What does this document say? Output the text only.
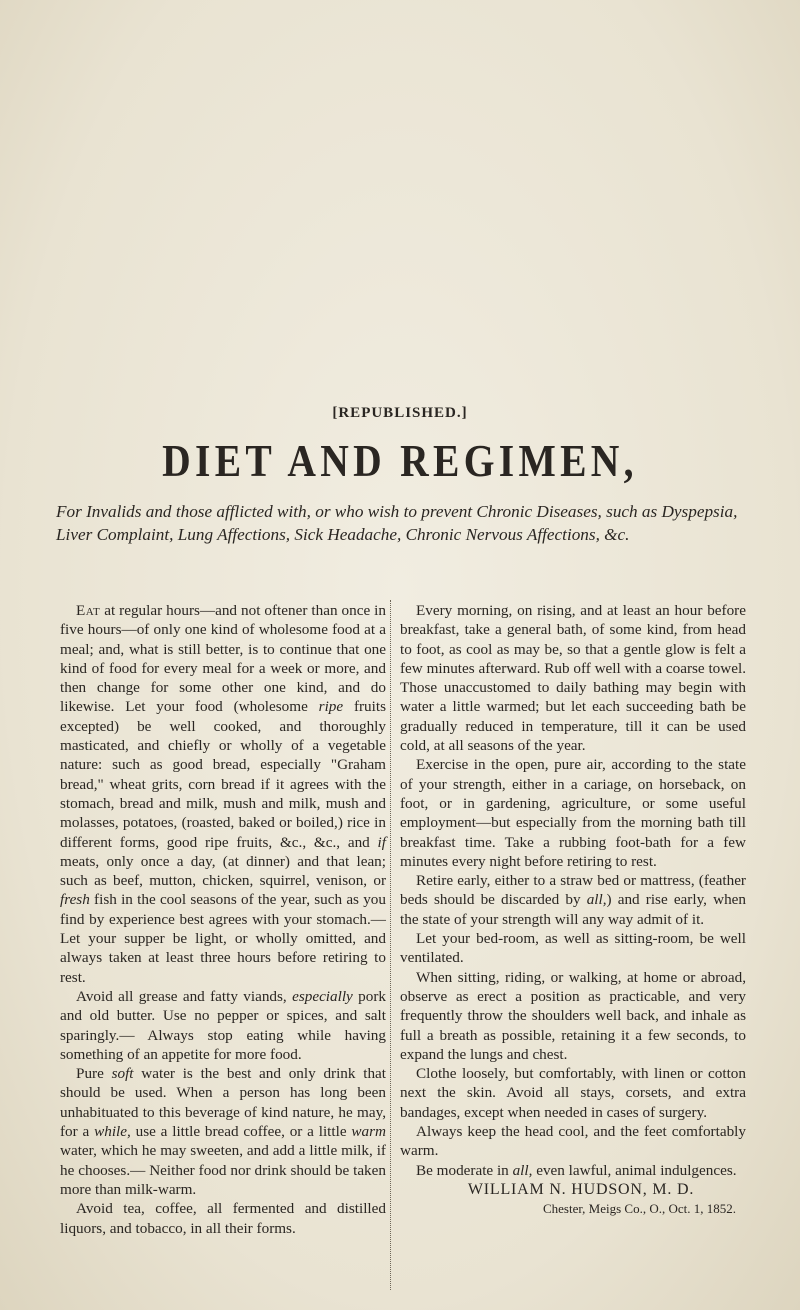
[REPUBLISHED.]
DIET AND REGIMEN,
For Invalids and those afflicted with, or who wish to prevent Chronic Diseases, such as Dyspepsia, Liver Complaint, Lung Affections, Sick Headache, Chronic Nervous Affections, &c.

Eat at regular hours—and not oftener than once in five hours—of only one kind of wholesome food at a meal; and, what is still better, is to continue that one kind of food for every meal for a week or more, and then change for some other one kind, and do likewise. Let your food (wholesome ripe fruits excepted) be well cooked, and thoroughly masticated, and chiefly or wholly of a vegetable nature: such as good bread, especially "Graham bread," wheat grits, corn bread if it agrees with the stomach, bread and milk, mush and milk, mush and molasses, potatoes, (roasted, baked or boiled,) rice in different forms, good ripe fruits, &c., &c., and if meats, only once a day, (at dinner) and that lean; such as beef, mutton, chicken, squirrel, venison, or fresh fish in the cool seasons of the year, such as you find by experience best agrees with your stomach.— Let your supper be light, or wholly omitted, and always taken at least three hours before retiring to rest.

Avoid all grease and fatty viands, especially pork and old butter. Use no pepper or spices, and salt sparingly.— Always stop eating while having something of an appetite for more food.

Pure soft water is the best and only drink that should be used. When a person has long been unhabituated to this beverage of kind nature, he may, for a while, use a little bread coffee, or a little warm water, which he may sweeten, and add a little milk, if he chooses.— Neither food nor drink should be taken more than milk-warm.

Avoid tea, coffee, all fermented and distilled liquors, and tobacco, in all their forms.

Every morning, on rising, and at least an hour before breakfast, take a general bath, of some kind, from head to foot, as cool as may be, so that a gentle glow is felt a few minutes afterward. Rub off well with a coarse towel. Those unaccustomed to daily bathing may begin with water a little warmed; but let each succeeding bath be gradually reduced in temperature, till it can be used cold, at all seasons of the year.

Exercise in the open, pure air, according to the state of your strength, either in a cariage, on horseback, on foot, or in gardening, agriculture, or some useful employment—but especially from the morning bath till breakfast time. Take a rubbing foot-bath for a few minutes every night before retiring to rest.

Retire early, either to a straw bed or mattress, (feather beds should be discarded by all,) and rise early, when the state of your strength will any way admit of it.

Let your bed-room, as well as sitting-room, be well ventilated.

When sitting, riding, or walking, at home or abroad, observe as erect a position as practicable, and very frequently throw the shoulders well back, and inhale as full a breath as possible, retaining it a few seconds, to expand the lungs and chest.

Clothe loosely, but comfortably, with linen or cotton next the skin. Avoid all stays, corsets, and extra bandages, except when needed in cases of surgery.

Always keep the head cool, and the feet comfortably warm.

Be moderate in all, even lawful, animal indulgences.

WILLIAM N. HUDSON, M. D.

Chester, Meigs Co., O., Oct. 1, 1852.
